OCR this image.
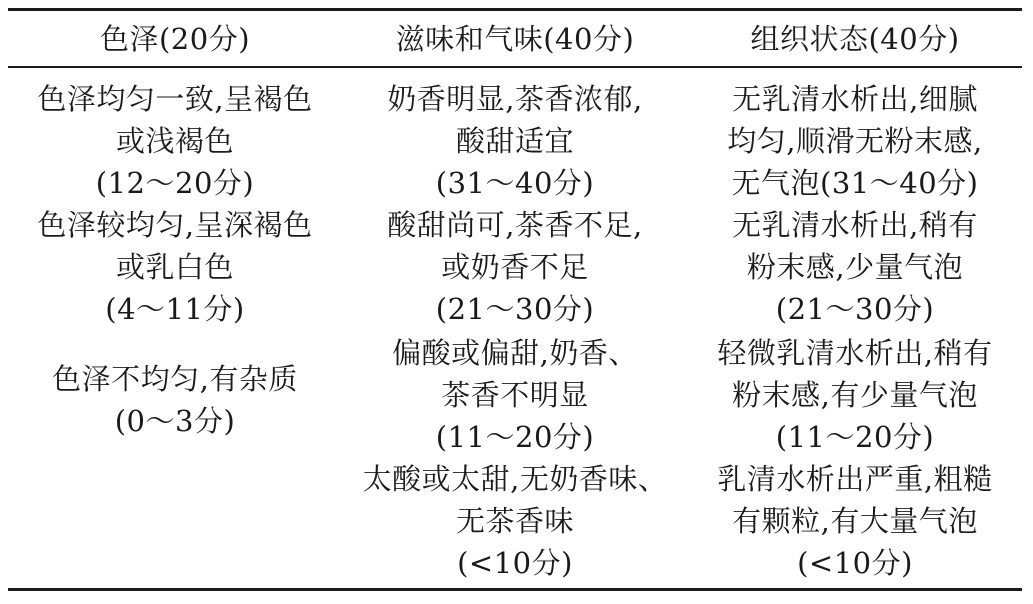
色泽(20分)	滋味和气味(40分)	组织状态(40分)
色泽均匀一致,呈褐色
或浅褐色
(12～20分)
色泽较均匀,呈深褐色
或乳白色
(4～11分)
色泽不均匀,有杂质
(0～3分)
奶香明显,茶香浓郁,
酸甜适宜
(31～40分)
酸甜尚可,茶香不足,
或奶香不足
(21～30分)
偏酸或偏甜,奶香、
茶香不明显
(11～20分)
太酸或太甜,无奶香味、
无茶香味
(<10分)
无乳清水析出,细腻
均匀,顺滑无粉末感,
无气泡(31～40分)
无乳清水析出,稍有
粉末感,少量气泡
(21～30分)
轻微乳清水析出,稍有
粉末感,有少量气泡
(11～20分)
乳清水析出严重,粗糙
有颗粒,有大量气泡
(<10分)
